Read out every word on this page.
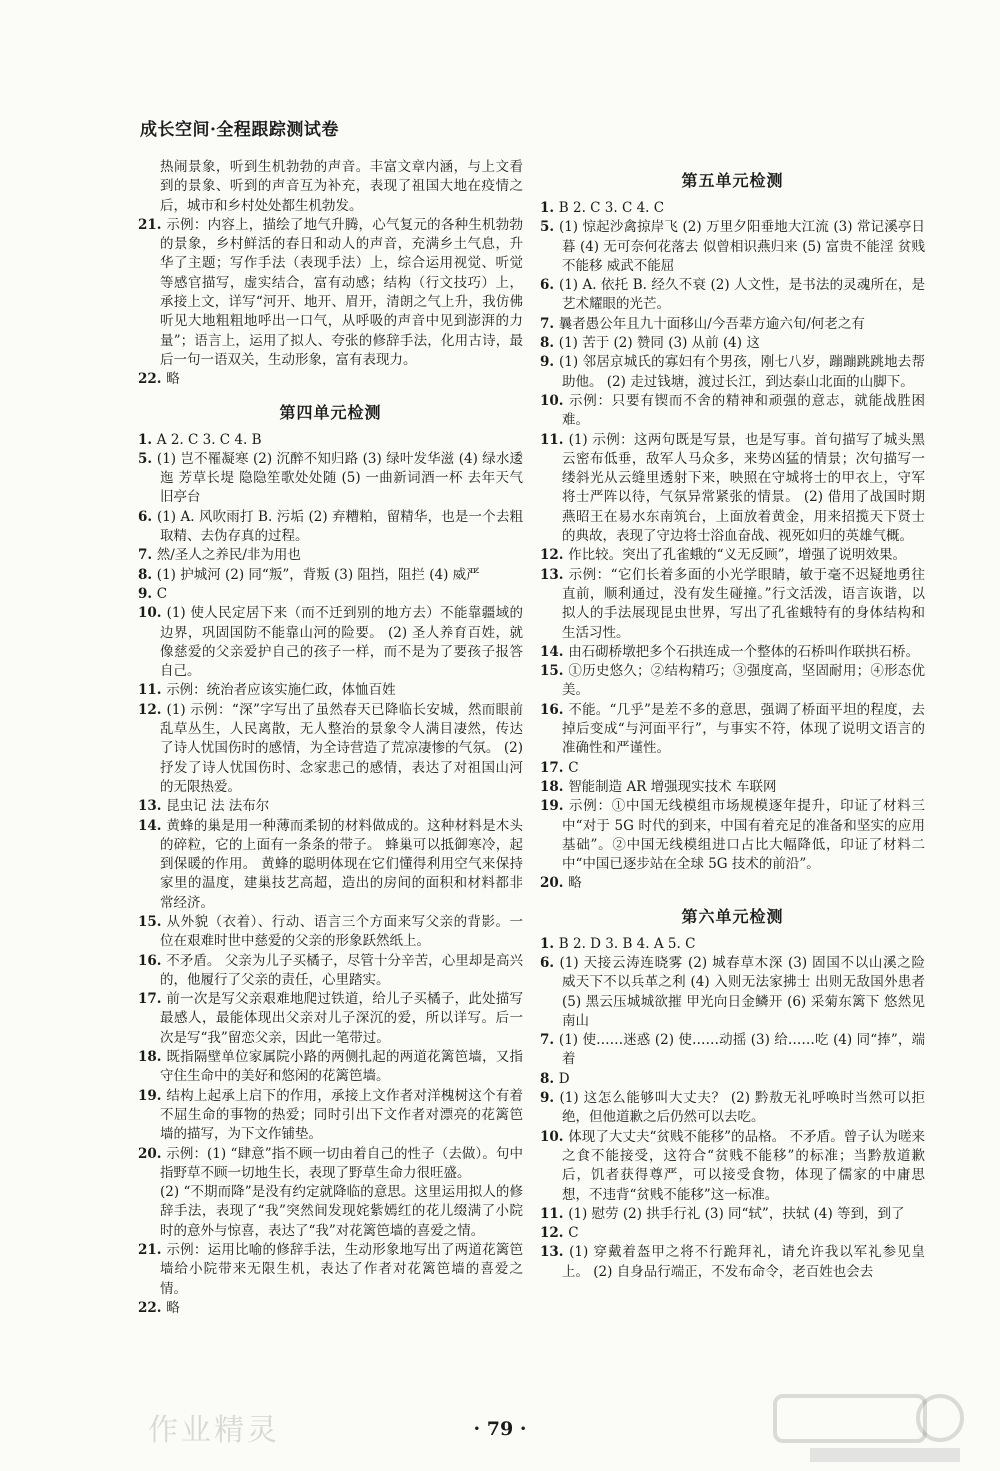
成长空间·全程跟踪测试卷
热闹景象，听到生机勃勃的声音。丰富文章内涵，与上文看到的景象、听到的声音互为补充，表现了祖国大地在疫情之后，城市和乡村处处都生机勃发。
21. 示例：内容上，描绘了地气升腾，心气复元的各种生机勃勃的景象，乡村鲜活的春日和动人的声音，充满乡土气息，升华了主题；写作手法（表现手法）上，综合运用视觉、听觉等感官描写，虚实结合，富有动感；结构（行文技巧）上，承接上文，详写“河开、地开、眉开，清朗之气上升，我仿佛听见大地粗粗地呼出一口气，从呼吸的声音中见到澎湃的力量”；语言上，运用了拟人、夸张的修辞手法，化用古诗，最后一句一语双关，生动形象，富有表现力。
22. 略
第四单元检测
1. A 2. C 3. C 4. B
5. (1) 岂不罹凝寒 (2) 沉醉不知归路 (3) 绿叶发华滋 (4) 绿水逶迤 芳草长堤 隐隐笙歌处处随 (5) 一曲新词酒一杯 去年天气旧亭台
6. (1) A. 风吹雨打 B. 污垢 (2) 弃糟粕，留精华，也是一个去粗取精、去伪存真的过程。
7. 然/圣人之养民/非为用也
8. (1) 护城河 (2) 同“叛”，背叛 (3) 阻挡，阻拦 (4) 威严
9. C
10. (1) 使人民定居下来（而不迁到别的地方去）不能靠疆域的边界，巩固国防不能靠山河的险要。 (2) 圣人养育百姓，就像慈爱的父亲爱护自己的孩子一样，而不是为了要孩子报答自己。
11. 示例：统治者应该实施仁政，体恤百姓
12. (1) 示例：“深”字写出了虽然春天已降临长安城，然而眼前乱草丛生，人民离散，无人整治的景象令人满目凄然，传达了诗人忧国伤时的感情，为全诗营造了荒凉凄惨的气氛。 (2) 抒发了诗人忧国伤时、念家悲己的感情，表达了对祖国山河的无限热爱。
13. 昆虫记 法 法布尔
14. 黄蜂的巢是用一种薄而柔韧的材料做成的。这种材料是木头的碎粒，它的上面有一条条的带子。 蜂巢可以抵御寒冷，起到保暖的作用。 黄蜂的聪明体现在它们懂得利用空气来保持家里的温度，建巢技艺高超，造出的房间的面积和材料都非常经济。
15. 从外貌（衣着）、行动、语言三个方面来写父亲的背影。一位在艰难时世中慈爱的父亲的形象跃然纸上。
16. 不矛盾。 父亲为儿子买橘子，尽管十分辛苦，心里却是高兴的，他履行了父亲的责任，心里踏实。
17. 前一次是写父亲艰难地爬过铁道，给儿子买橘子，此处描写最感人，最能体现出父亲对儿子深沉的爱，所以详写。后一次是写“我”留恋父亲，因此一笔带过。
18. 既指隔壁单位家属院小路的两侧扎起的两道花篱笆墙，又指守住生命中的美好和悠闲的花篱笆墙。
19. 结构上起承上启下的作用，承接上文作者对洋槐树这个有着不屈生命的事物的热爱；同时引出下文作者对漂亮的花篱笆墙的描写，为下文作铺垫。
20. 示例：(1) “肆意”指不顾一切由着自己的性子（去做）。句中指野草不顾一切地生长，表现了野草生命力很旺盛。
(2) “不期而降”是没有约定就降临的意思。这里运用拟人的修辞手法，表现了“我”突然间发现姹紫嫣红的花儿缀满了小院时的意外与惊喜，表达了“我”对花篱笆墙的喜爱之情。
21. 示例：运用比喻的修辞手法，生动形象地写出了两道花篱笆墙给小院带来无限生机，表达了作者对花篱笆墙的喜爱之情。
22. 略
第五单元检测
1. B 2. C 3. C 4. C
5. (1) 惊起沙禽掠岸飞 (2) 万里夕阳垂地大江流 (3) 常记溪亭日暮 (4) 无可奈何花落去 似曾相识燕归来 (5) 富贵不能淫 贫贱不能移 威武不能屈
6. (1) A. 依托 B. 经久不衰 (2) 人文性，是书法的灵魂所在，是艺术耀眼的光芒。
7. 曩者愚公年且九十面移山/今吾辈方逾六旬/何老之有
8. (1) 苦于 (2) 赞同 (3) 从前 (4) 这
9. (1) 邻居京城氏的寡妇有个男孩，刚七八岁，蹦蹦跳跳地去帮助他。 (2) 走过钱塘，渡过长江，到达泰山北面的山脚下。
10. 示例：只要有锲而不舍的精神和顽强的意志，就能战胜困难。
11. (1) 示例：这两句既是写景，也是写事。首句描写了城头黑云密布低垂，敌军人马众多，来势凶猛的情景；次句描写一缕斜光从云缝里透射下来，映照在守城将士的甲衣上，守军将士严阵以待，气氛异常紧张的情景。 (2) 借用了战国时期燕昭王在易水东南筑台，上面放着黄金，用来招揽天下贤士的典故，表现了守边将士浴血奋战、视死如归的英雄气概。
12. 作比较。突出了孔雀蛾的“义无反顾”，增强了说明效果。
13. 示例：“它们长着多面的小光学眼睛，敏于毫不迟疑地勇往直前，顺利通过，没有发生碰撞。”行文活泼，语言诙谐，以拟人的手法展现昆虫世界，写出了孔雀蛾特有的身体结构和生活习性。
14. 由石砌桥墩把多个石拱连成一个整体的石桥叫作联拱石桥。
15. ①历史悠久；②结构精巧；③强度高，坚固耐用；④形态优美。
16. 不能。“几乎”是差不多的意思，强调了桥面平坦的程度，去掉后变成“与河面平行”，与事实不符，体现了说明文语言的准确性和严谨性。
17. C
18. 智能制造 AR 增强现实技术 车联网
19. 示例：①中国无线模组市场规模逐年提升，印证了材料三中“对于 5G 时代的到来，中国有着充足的准备和坚实的应用基础”。②中国无线模组进口占比大幅降低，印证了材料二中“中国已逐步站在全球 5G 技术的前沿”。
20. 略
第六单元检测
1. B 2. D 3. B 4. A 5. C
6. (1) 天接云涛连晓雾 (2) 城春草木深 (3) 固国不以山溪之险 威天下不以兵革之利 (4) 入则无法家拂士 出则无敌国外患者 (5) 黑云压城城欲摧 甲光向日金鳞开 (6) 采菊东篱下 悠然见南山
7. (1) 使……迷惑 (2) 使……动摇 (3) 给……吃 (4) 同“捧”，端着
8. D
9. (1) 这怎么能够叫大丈夫？ (2) 黔敖无礼呼唤时当然可以拒绝，但他道歉之后仍然可以去吃。
10. 体现了大丈夫“贫贱不能移”的品格。 不矛盾。曾子认为嗟来之食不能接受，这符合“贫贱不能移”的标准；当黔敖道歉后，饥者获得尊严，可以接受食物，体现了儒家的中庸思想，不违背“贫贱不能移”这一标准。
11. (1) 慰劳 (2) 拱手行礼 (3) 同“轼”，扶轼 (4) 等到，到了
12. C
13. (1) 穿戴着盔甲之将不行跪拜礼，请允许我以军礼参见皇上。 (2) 自身品行端正，不发布命令，老百姓也会去
· 79 ·
作业精灵
